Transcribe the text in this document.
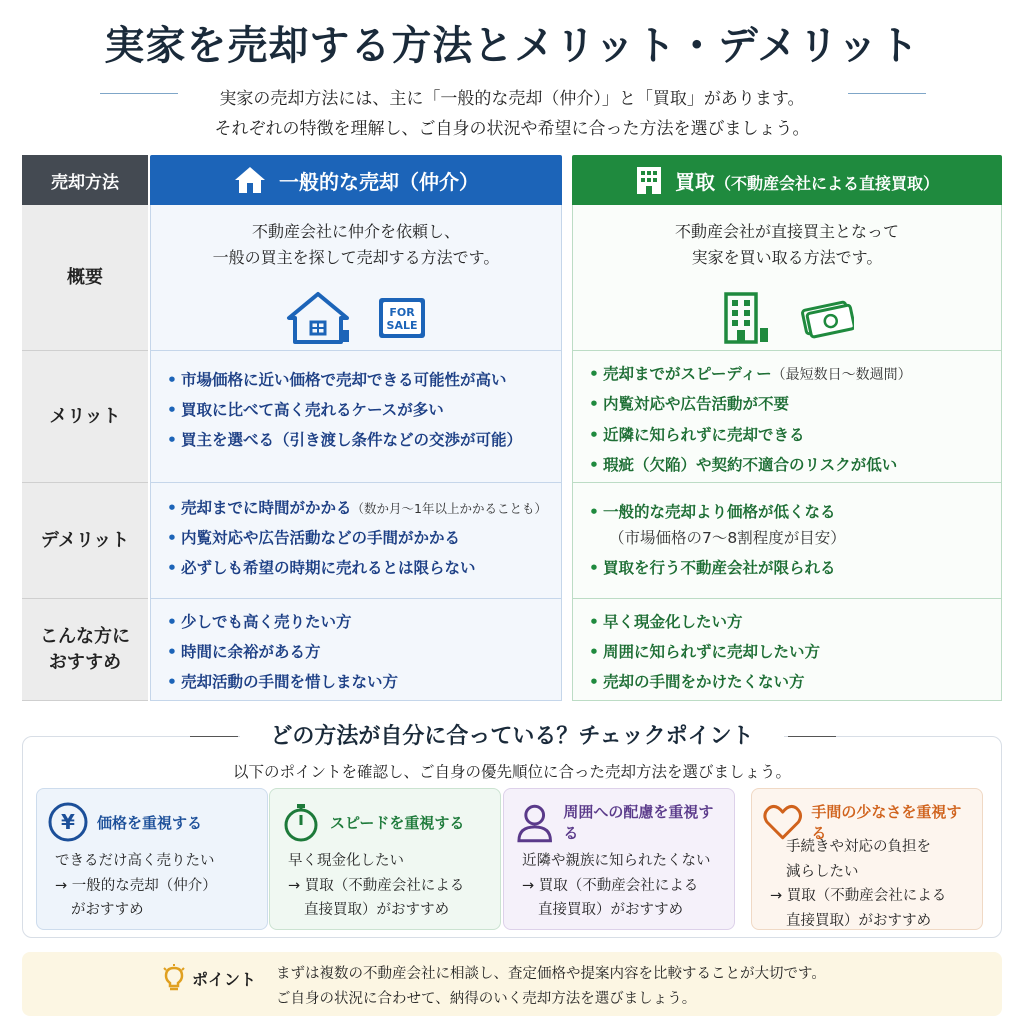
実家を売却する方法とメリット・デメリット
実家の売却方法には、主に「一般的な売却（仲介）」と「買取」があります。
それぞれの特徴を理解し、ご自身の状況や希望に合った方法を選びましょう。
売却方法	一般的な売却（仲介）	買取（不動産会社による直接買取）
概要
メリット
デメリット
こんな方に
おすすめ
不動産会社に仲介を依頼し、
一般の買主を探して売却する方法です。
FOR
SALE
• 市場価格に近い価格で売却できる可能性が高い
• 買取に比べて高く売れるケースが多い
• 買主を選べる（引き渡し条件などの交渉が可能）
• 売却までに時間がかかる（数か月〜1年以上かかることも）
• 内覧対応や広告活動などの手間がかかる
• 必ずしも希望の時期に売れるとは限らない
• 少しでも高く売りたい方
• 時間に余裕がある方
• 売却活動の手間を惜しまない方
不動産会社が直接買主となって
実家を買い取る方法です。
• 売却までがスピーディー（最短数日〜数週間）
• 内覧対応や広告活動が不要
• 近隣に知られずに売却できる
• 瑕疵（欠陥）や契約不適合のリスクが低い
• 一般的な売却より価格が低くなる
（市場価格の7〜8割程度が目安）
• 買取を行う不動産会社が限られる
• 早く現金化したい方
• 周囲に知られずに売却したい方
• 売却の手間をかけたくない方
どの方法が自分に合っている？チェックポイント
以下のポイントを確認し、ご自身の優先順位に合った売却方法を選びましょう。
¥ 価格を重視する
できるだけ高く売りたい
→ 一般的な売却（仲介）
がおすすめ
スピードを重視する
早く現金化したい
→ 買取（不動産会社による
直接買取）がおすすめ
周囲への配慮を重視する
近隣や親族に知られたくない
→ 買取（不動産会社による
直接買取）がおすすめ
手間の少なさを重視する
手続きや対応の負担を
減らしたい
→ 買取（不動産会社による
直接買取）がおすすめ
ポイント まずは複数の不動産会社に相談し、査定価格や提案内容を比較することが大切です。
ご自身の状況に合わせて、納得のいく売却方法を選びましょう。
